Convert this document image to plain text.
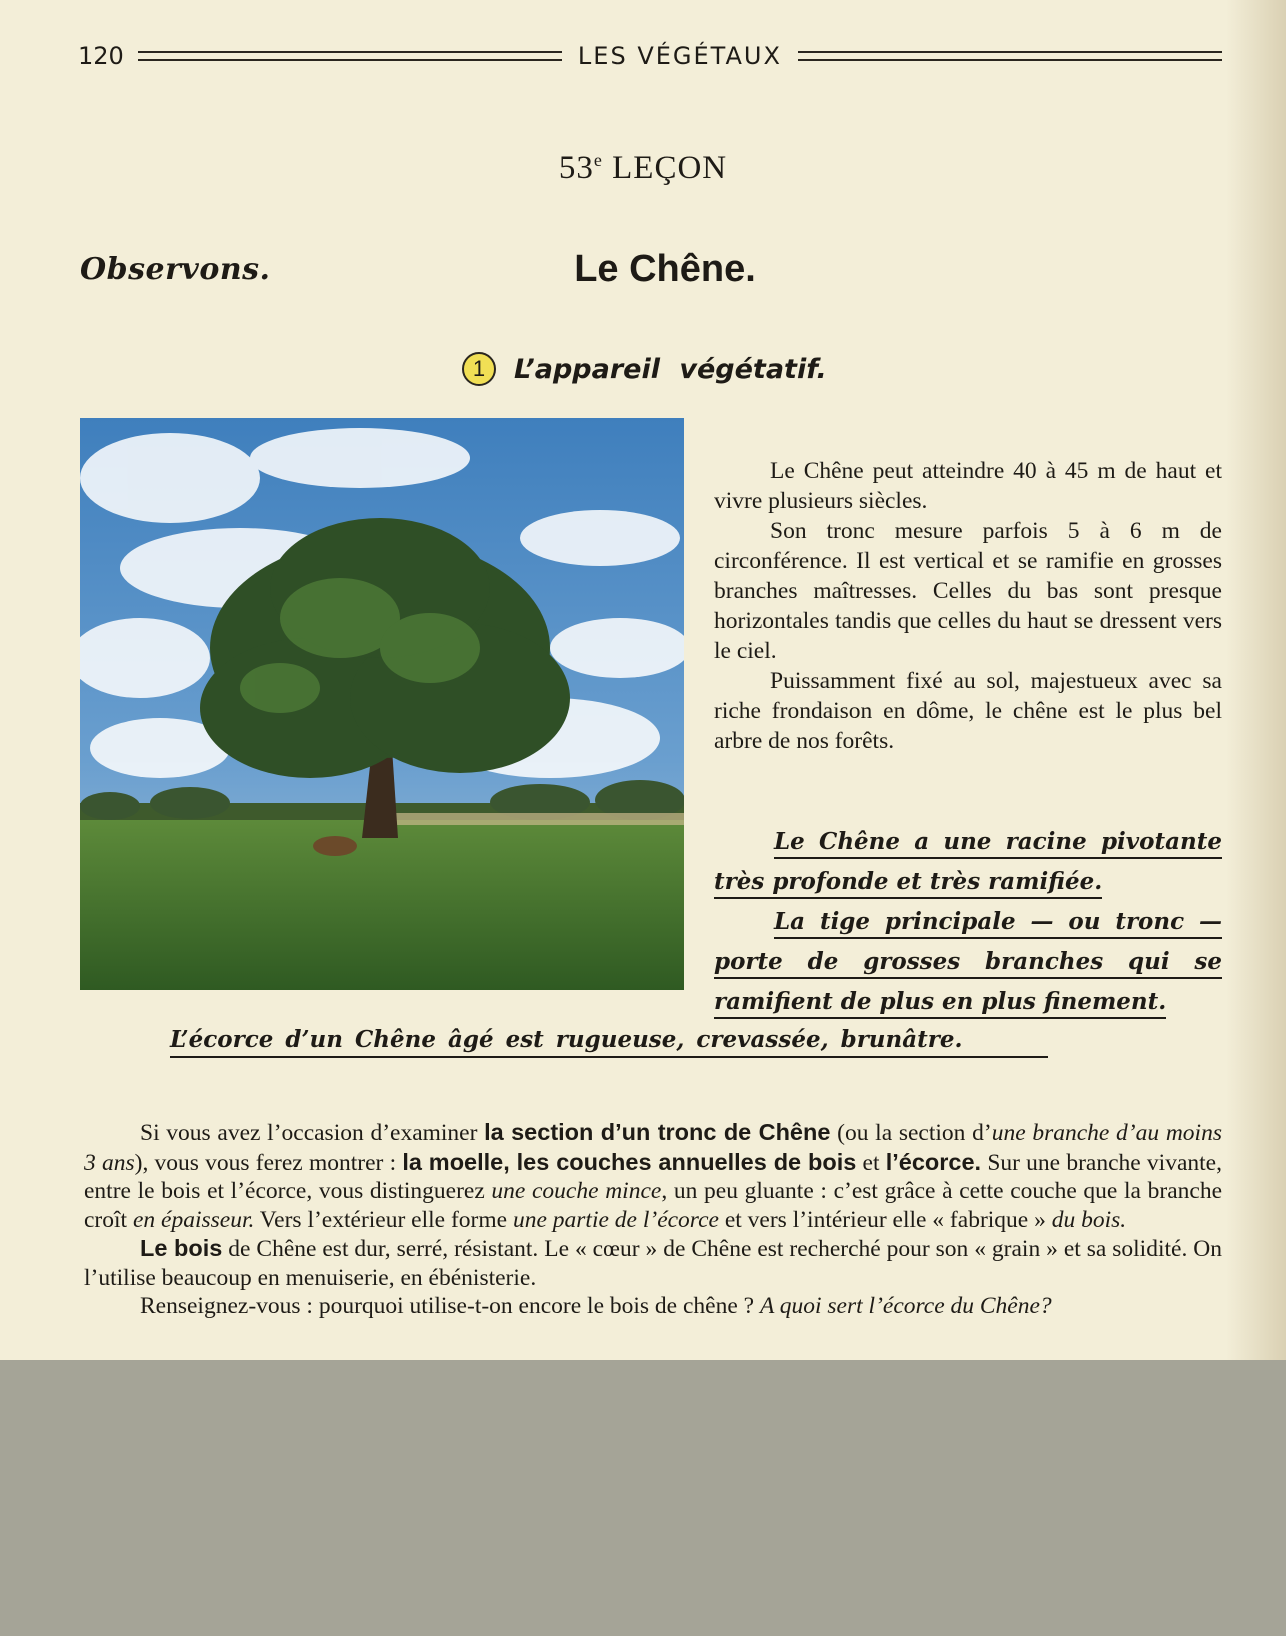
120	LES VÉGÉTAUX
53e LEÇON
Observons.	Le Chêne.
1	L’appareil végétatif.

Le Chêne peut atteindre 40 à 45 m de haut et vivre plusieurs siècles.

Son tronc mesure parfois 5 à 6 m de circonférence. Il est vertical et se ramifie en grosses branches maîtresses. Celles du bas sont presque horizontales tandis que celles du haut se dressent vers le ciel.

Puissamment fixé au sol, majestueux avec sa riche frondaison en dôme, le chêne est le plus bel arbre de nos forêts.

Le Chêne a une racine pivotante très profonde et très ramifiée.

La tige principale — ou tronc — porte de grosses branches qui se ramifient de plus en plus finement.

L’écorce d’un Chêne âgé est rugueuse, crevassée, brunâtre.

Si vous avez l’occasion d’examiner la section d’un tronc de Chêne (ou la section d’une branche d’au moins 3 ans), vous vous ferez montrer : la moelle, les couches annuelles de bois et l’écorce. Sur une branche vivante, entre le bois et l’écorce, vous distinguerez une couche mince, un peu gluante : c’est grâce à cette couche que la branche croît en épaisseur. Vers l’extérieur elle forme une partie de l’écorce et vers l’intérieur elle « fabrique » du bois.

Le bois de Chêne est dur, serré, résistant. Le « cœur » de Chêne est recherché pour son « grain » et sa solidité. On l’utilise beaucoup en menuiserie, en ébénisterie.

Renseignez-vous : pourquoi utilise-t-on encore le bois de chêne ? A quoi sert l’écorce du Chêne?
